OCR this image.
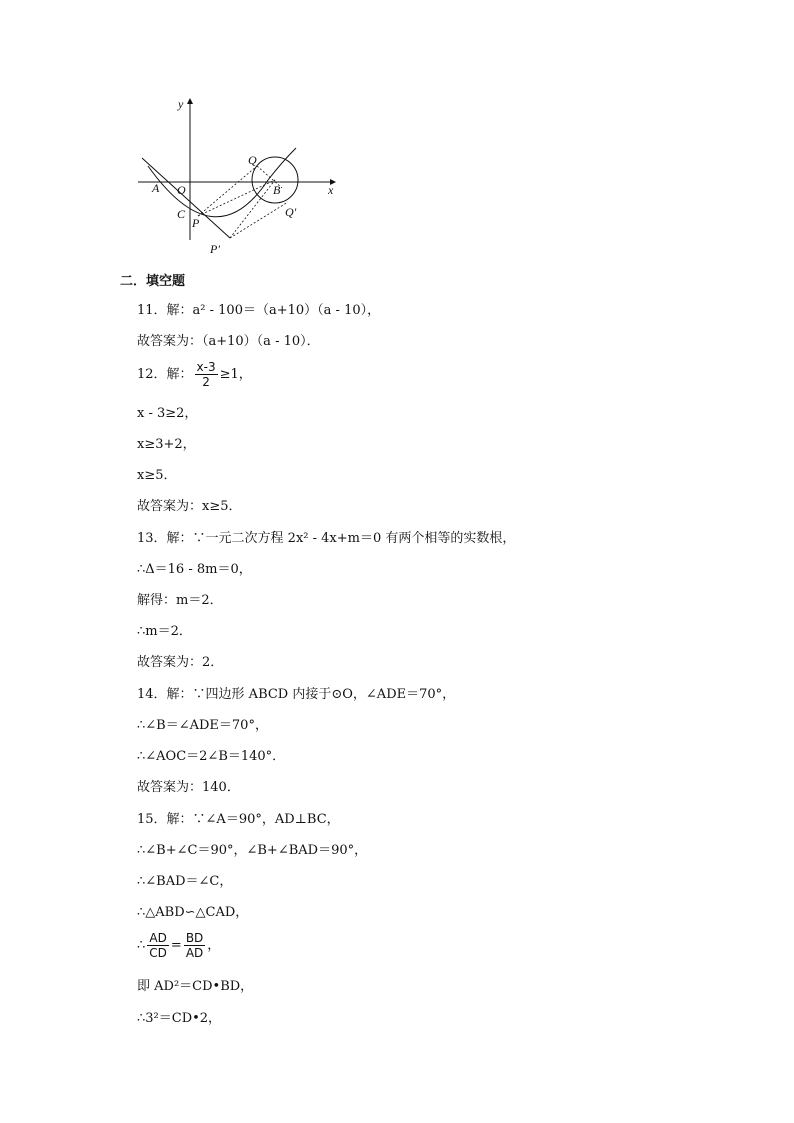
y
x
O
A
C
P
P'
Q
B
Q'
二．填空题
11．解：a² - 100＝（a+10）（a - 10），
故答案为：（a+10）（a - 10）．
12．解： $\frac{x-3}{2} \ge 1$，
x - 3≥2，
x≥3+2，
x≥5．
故答案为：x≥5．
13．解：∵一元二次方程 2x² - 4x+m＝0 有两个相等的实数根，
∴Δ＝16 - 8m＝0，
解得：m＝2．
∴m＝2．
故答案为：2．
14．解：∵四边形 ABCD 内接于⊙O，∠ADE＝70°，
∴∠B＝∠ADE＝70°，
∴∠AOC＝2∠B＝140°．
故答案为：140．
15．解：∵∠A＝90°，AD⊥BC，
∴∠B+∠C＝90°，∠B+∠BAD＝90°，
∴∠BAD＝∠C，
∴△ABD∽△CAD，
∴ $\frac{AD}{CD} = \frac{BD}{AD}$ ，
即 AD²＝CD•BD，
∴3²＝CD•2，
